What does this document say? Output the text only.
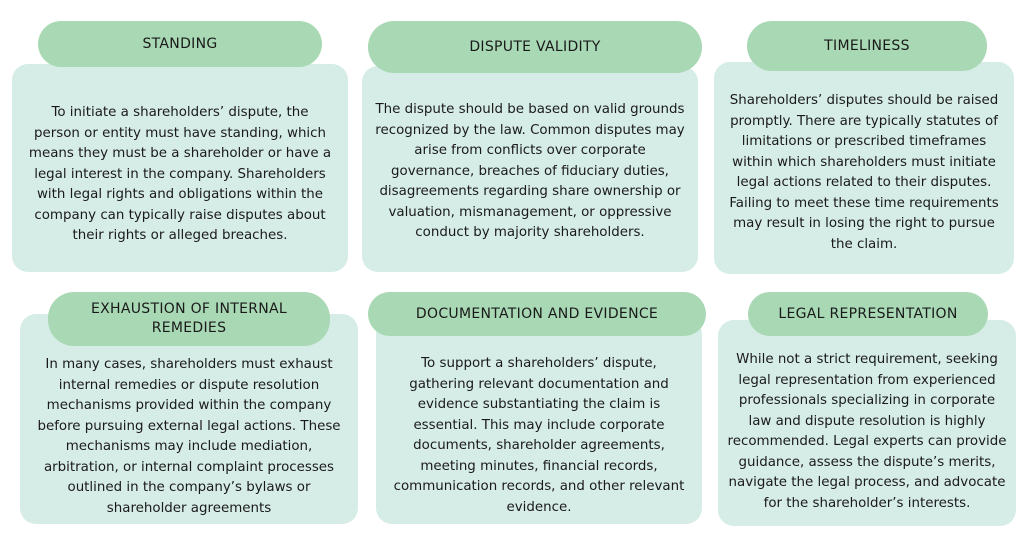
To initiate a shareholders’ dispute, the person or entity must have standing, which means they must be a shareholder or have a legal interest in the company. Shareholders with legal rights and obligations within the company can typically raise disputes about their rights or alleged breaches.
STANDING
The dispute should be based on valid grounds recognized by the law. Common disputes may arise from conflicts over corporate governance, breaches of fiduciary duties, disagreements regarding share ownership or valuation, mismanagement, or oppressive conduct by majority shareholders.
DISPUTE VALIDITY
Shareholders’ disputes should be raised promptly. There are typically statutes of limitations or prescribed timeframes within which shareholders must initiate legal actions related to their disputes. Failing to meet these time requirements may result in losing the right to pursue the claim.
TIMELINESS
In many cases, shareholders must exhaust internal remedies or dispute resolution mechanisms provided within the company before pursuing external legal actions. These mechanisms may include mediation, arbitration, or internal complaint processes outlined in the company’s bylaws or shareholder agreements
EXHAUSTION OF INTERNAL REMEDIES
To support a shareholders’ dispute, gathering relevant documentation and evidence substantiating the claim is essential. This may include corporate documents, shareholder agreements, meeting minutes, financial records, communication records, and other relevant evidence.
DOCUMENTATION AND EVIDENCE
While not a strict requirement, seeking legal representation from experienced professionals specializing in corporate law and dispute resolution is highly recommended. Legal experts can provide guidance, assess the dispute’s merits, navigate the legal process, and advocate for the shareholder’s interests.
LEGAL REPRESENTATION
